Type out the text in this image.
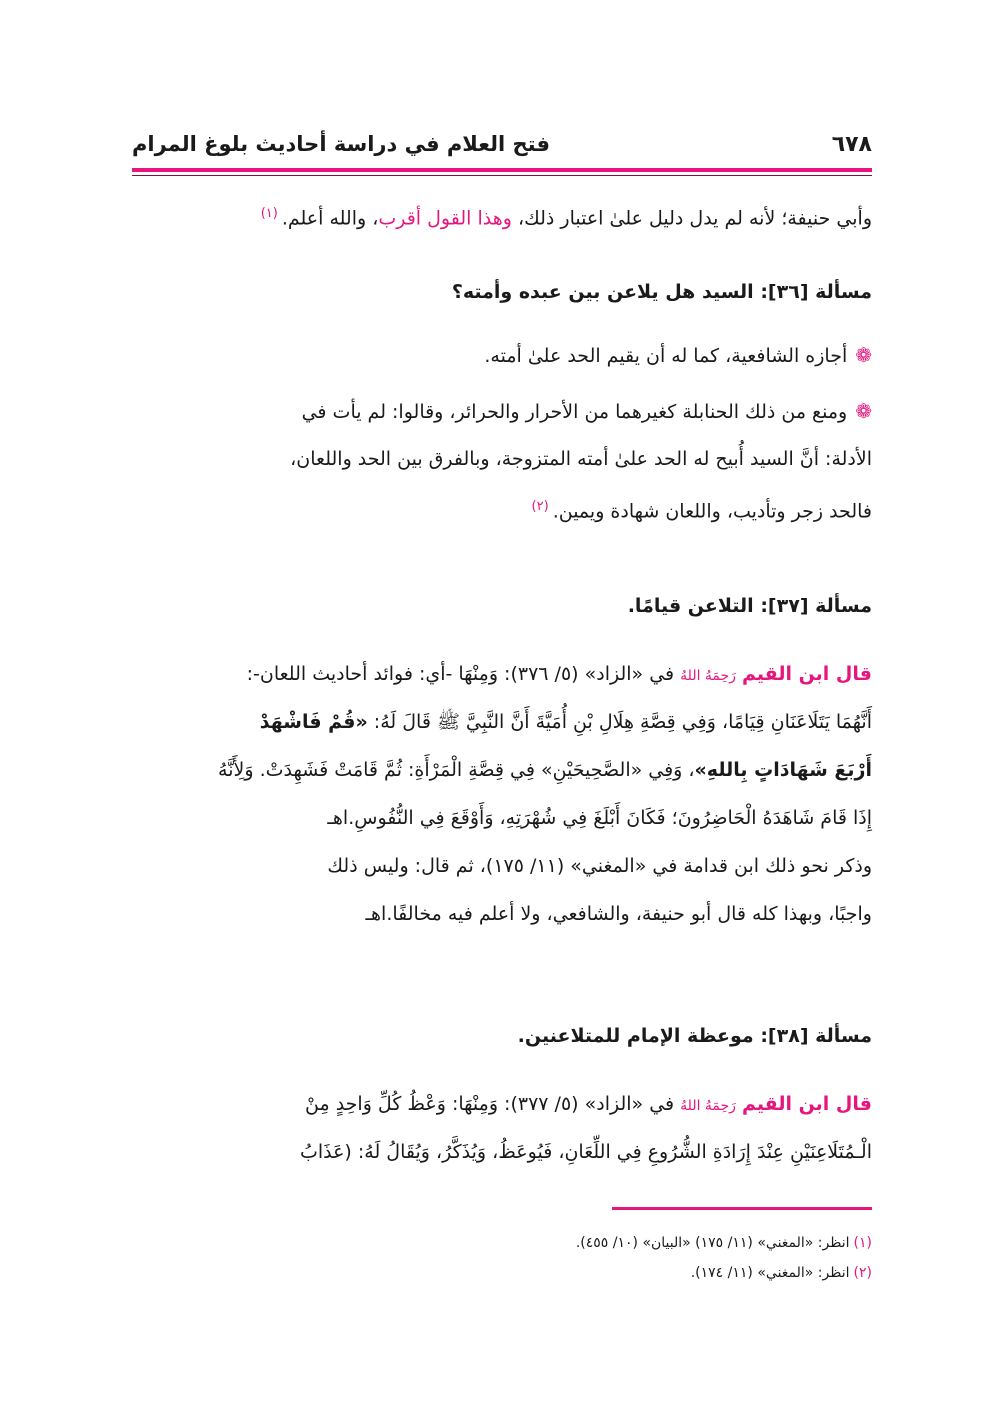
٦٧٨
فتح العلام في دراسة أحاديث بلوغ المرام
وأبي حنيفة؛ لأنه لم يدل دليل علىٰ اعتبار ذلك، وهذا القول أقرب، والله أعلم.$^{(١)}$
مسألة [٣٦]: السيد هل يلاعن بين عبده وأمته؟
❁أجازه الشافعية، كما له أن يقيم الحد علىٰ أمته.
❁ومنع من ذلك الحنابلة كغيرهما من الأحرار والحرائر، وقالوا: لم يأت في
الأدلة: أنَّ السيد أُبيح له الحد علىٰ أمته المتزوجة، وبالفرق بين الحد واللعان،
فالحد زجر وتأديب، واللعان شهادة ويمين.$^{(٢)}$
مسألة [٣٧]: التلاعن قيامًا.
قال ابن القيم رَحِمَهُ اللهُ في «الزاد» (٥/ ٣٧٦): وَمِنْهَا -أي: فوائد أحاديث اللعان-:
أَنَّهُمَا يَتَلَاعَنَانِ قِيَامًا، وَفِي قِصَّةِ هِلَالِ بْنِ أُمَيَّةَ أَنَّ النَّبِيَّ ﷺ قَالَ لَهُ: «قُمْ فَاشْهَدْ
أَرْبَعَ شَهَادَاتٍ بِاللهِ»، وَفِي «الصَّحِيحَيْنِ» فِي قِصَّةِ الْمَرْأَةِ: ثُمَّ قَامَتْ فَشَهِدَتْ. وَلِأَنَّهُ
إِذَا قَامَ شَاهَدَهُ الْحَاضِرُونَ؛ فَكَانَ أَبْلَغَ فِي شُهْرَتِهِ، وَأَوْقَعَ فِي النُّفُوسِ.اهـ
وذكر نحو ذلك ابن قدامة في «المغني» (١١/ ١٧٥)، ثم قال: وليس ذلك
واجبًا، وبهذا كله قال أبو حنيفة، والشافعي، ولا أعلم فيه مخالفًا.اهـ
مسألة [٣٨]: موعظة الإمام للمتلاعنين.
قال ابن القيم رَحِمَهُ اللهُ في «الزاد» (٥/ ٣٧٧): وَمِنْهَا: وَعْظُ كُلِّ وَاحِدٍ مِنْ
الْـمُتَلَاعِنَيْنِ عِنْدَ إِرَادَةِ الشُّرُوعِ فِي اللِّعَانِ، فَيُوعَظُ، وَيُذَكَّرُ، وَيُقَالُ لَهُ: (عَذَابُ
(١)انظر: «المغني» (١١/ ١٧٥) «البيان» (١٠/ ٤٥٥).
(٢)انظر: «المغني» (١١/ ١٧٤).
